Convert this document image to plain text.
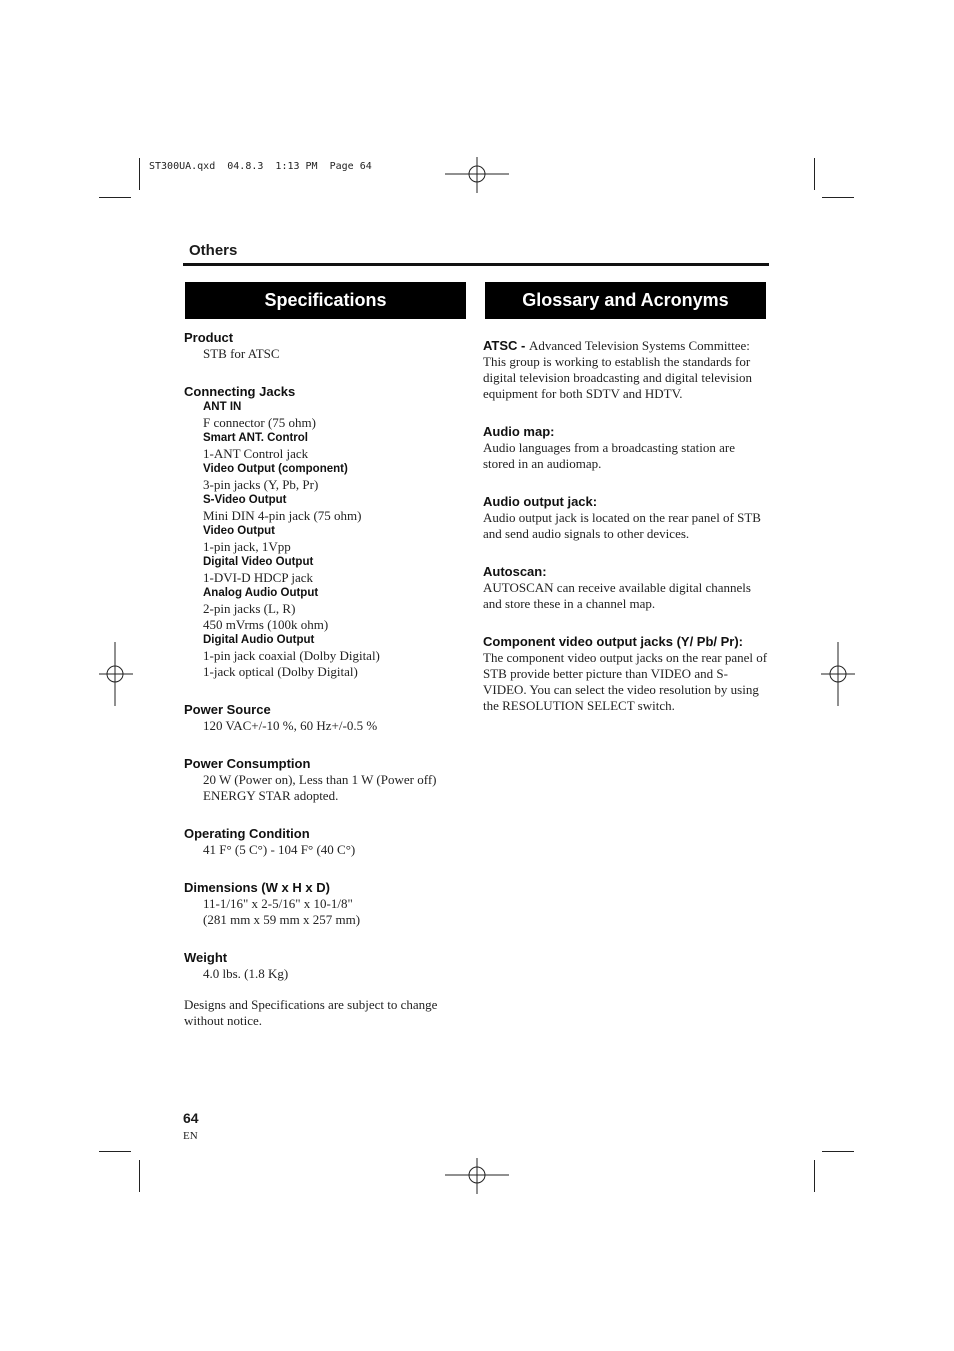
ST300UA.qxd  04.8.3  1:13 PM  Page 64
Others
Specifications	Glossary and Acronyms
Product
STB for ATSC
Connecting Jacks
ANT IN
F connector (75 ohm)
Smart ANT. Control
1-ANT Control jack
Video Output (component)
3-pin jacks (Y, Pb, Pr)
S-Video Output
Mini DIN 4-pin jack (75 ohm)
Video Output
1-pin jack, 1Vpp
Digital Video Output
1-DVI-D HDCP jack
Analog Audio Output
2-pin jacks (L, R)
450 mVrms (100k ohm)
Digital Audio Output
1-pin jack coaxial (Dolby Digital)
1-jack optical (Dolby Digital)
Power Source
120 VAC+/-10 %, 60 Hz+/-0.5 %
Power Consumption
20 W (Power on), Less than 1 W (Power off)
ENERGY STAR adopted.
Operating Condition
41 F° (5 C°) - 104 F° (40 C°)
Dimensions (W x H x D)
11-1/16" x 2-5/16" x 10-1/8"
(281 mm x 59 mm x 257 mm)
Weight
4.0 lbs. (1.8 Kg)
Designs and Specifications are subject to change without notice.
ATSC - Advanced Television Systems Committee: This group is working to establish the standards for digital television broadcasting and digital television equipment for both SDTV and HDTV.
Audio map:
Audio languages from a broadcasting station are stored in an audiomap.
Audio output jack:
Audio output jack is located on the rear panel of STB and send audio signals to other devices.
Autoscan:
AUTOSCAN can receive available digital channels and store these in a channel map.
Component video output jacks (Y/ Pb/ Pr):
The component video output jacks on the rear panel of STB provide better picture than VIDEO and S-VIDEO. You can select the video resolution by using the RESOLUTION SELECT switch.
64
EN
